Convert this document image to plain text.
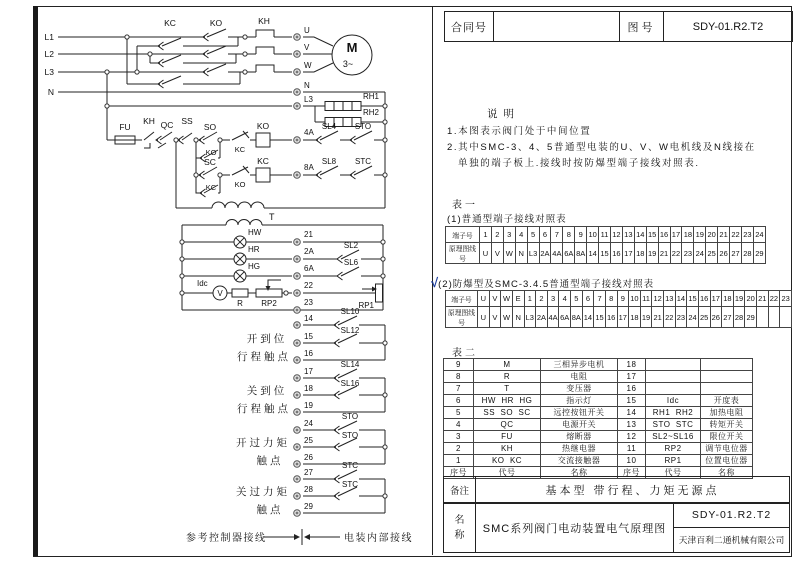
L1
L2
L3
N
KC	KO	KH
U
V
W
N
L3
M
3~
RH1
RH2
FU
KH QC SS
SO
KO KC
KO
4A
SL4 STO
SC
KC KO
KC
8A
SL8 STC
T
HW
HR
HG
21
2A
6A
22
23
SL2
SL6
Idc
V
R RP2	RP1
14
15
16
SL10
SL12
开到位
行程触点
17
18
19
SL14
SL16
关到位
行程触点
24
25
26
STO
STO
开过力矩
触点
27
28
29
STC
STC
关过力矩
触点
参考控制器接线	电装内部接线
合同号	图号	SDY-01.R2.T2
说明
1.本图表示阀门处于中间位置
2.其中SMC-3、4、5普通型电装的U、V、W电机线及N线接在
单独的端子板上.接线时按防爆型端子接线对照表.
表一
(1)普通型端子接线对照表
端子号	1	2	3	4	5	6	7	8	9	10	11	12	13	14	15	16	17	18	19	20	21	22	23	24
原理图线号	U	V	W	N	L3	2A	4A	6A	8A	14	15	16	17	18	19	21	22	23	24	25	26	27	28	29
√(2)防爆型及SMC-3.4.5普通型端子接线对照表
端子号	U	V	W	E	1	2	3	4	5	6	7	8	9	10	11	12	13	14	15	16	17	18	19	20	21	22	23
原理图线号	U	V	W	N	L3	2A	4A	6A	8A	14	15	16	17	18	19	21	22	23	24	25	26	27	28	29			
表二
9	M	三相异步电机	18		
8	R	电阻	17		
7	T	变压器	16		
6	HW  HR  HG	指示灯	15	Idc	开度表
5	SS  SO  SC	远控按钮开关	14	RH1  RH2	加热电阻
4	QC	电源开关	13	STO  STC	转矩开关
3	FU	熔断器	12	SL2~SL16	限位开关
2	KH	热继电器	11	RP2	调节电位器
1	KO  KC	交流接触器	10	RP1	位置电位器
序号	代号	名称	序号	代号	名称
备注	基本型 带行程、力矩无源点
名称
SMC系列阀门电动装置电气原理图
SDY-01.R2.T2
天津百利二通机械有限公司
